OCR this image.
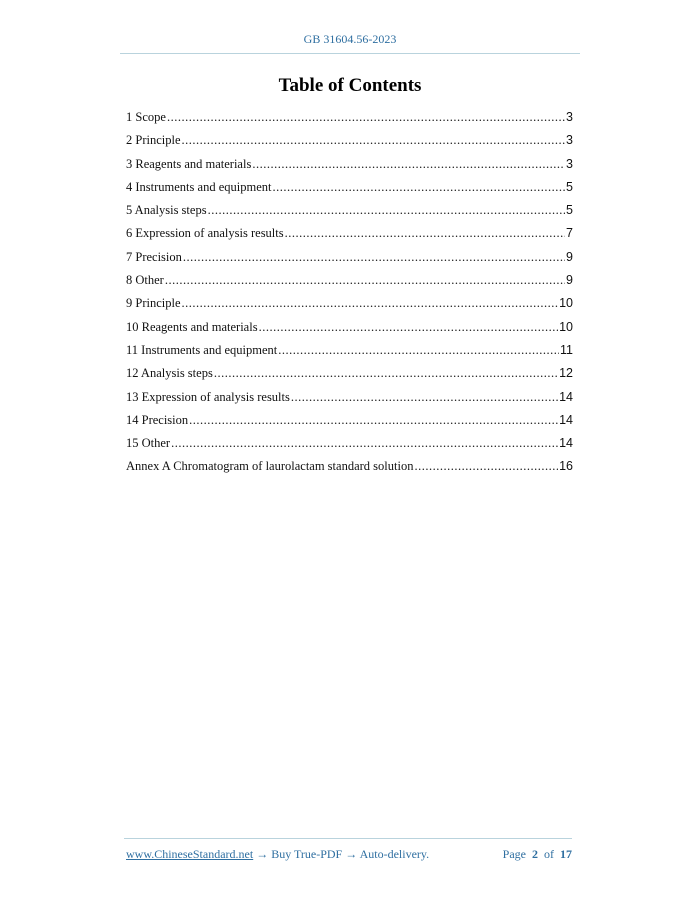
GB 31604.56-2023
Table of Contents
1 Scope .....	3
2 Principle .....	3
3 Reagents and materials .....	3
4 Instruments and equipment .....	5
5 Analysis steps .....	5
6 Expression of analysis results .....	7
7 Precision .....	9
8 Other .....	9
9 Principle .....	10
10 Reagents and materials .....	10
11 Instruments and equipment .....	11
12 Analysis steps .....	12
13 Expression of analysis results .....	14
14 Precision .....	14
15 Other .....	14
Annex A Chromatogram of laurolactam standard solution .....	16
www.ChineseStandard.net → Buy True-PDF → Auto-delivery.	Page 2 of 17
